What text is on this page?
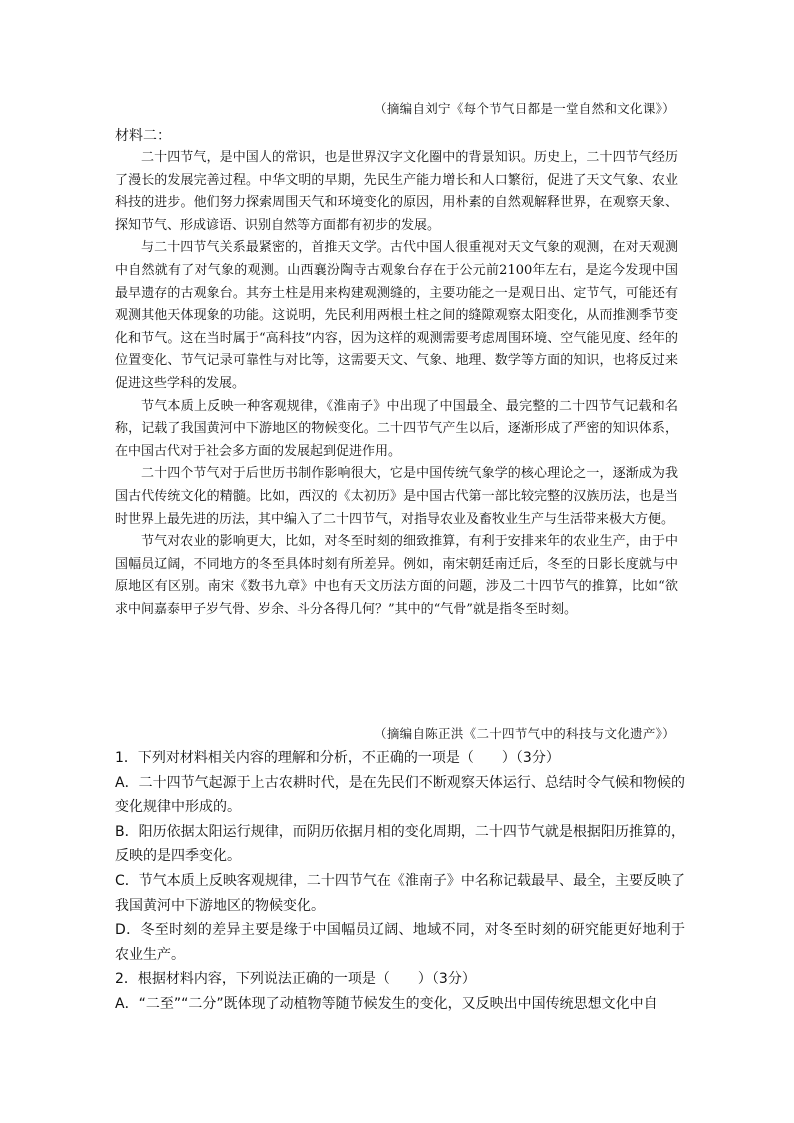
（摘编自刘宁《每个节气日都是一堂自然和文化课》）
材料二：

二十四节气，是中国人的常识，也是世界汉字文化圈中的背景知识。历史上，二十四节气经历了漫长的发展完善过程。中华文明的早期，先民生产能力增长和人口繁衍，促进了天文气象、农业科技的进步。他们努力探索周围天气和环境变化的原因，用朴素的自然观解释世界，在观察天象、探知节气、形成谚语、识别自然等方面都有初步的发展。

与二十四节气关系最紧密的，首推天文学。古代中国人很重视对天文气象的观测，在对天观测中自然就有了对气象的观测。山西襄汾陶寺古观象台存在于公元前2100年左右，是迄今发现中国最早遗存的古观象台。其夯土柱是用来构建观测缝的，主要功能之一是观日出、定节气，可能还有观测其他天体现象的功能。这说明，先民利用两根土柱之间的缝隙观察太阳变化，从而推测季节变化和节气。这在当时属于“高科技”内容，因为这样的观测需要考虑周围环境、空气能见度、经年的位置变化、节气记录可靠性与对比等，这需要天文、气象、地理、数学等方面的知识，也将反过来促进这些学科的发展。

节气本质上反映一种客观规律，《淮南子》中出现了中国最全、最完整的二十四节气记载和名称，记载了我国黄河中下游地区的物候变化。二十四节气产生以后，逐渐形成了严密的知识体系，在中国古代对于社会多方面的发展起到促进作用。

二十四个节气对于后世历书制作影响很大，它是中国传统气象学的核心理论之一，逐渐成为我国古代传统文化的精髓。比如，西汉的《太初历》是中国古代第一部比较完整的汉族历法，也是当时世界上最先进的历法，其中编入了二十四节气，对指导农业及畜牧业生产与生活带来极大方便。

节气对农业的影响更大，比如，对冬至时刻的细致推算，有利于安排来年的农业生产，由于中国幅员辽阔，不同地方的冬至具体时刻有所差异。例如，南宋朝廷南迁后，冬至的日影长度就与中原地区有区别。南宋《数书九章》中也有天文历法方面的问题，涉及二十四节气的推算，比如“欲求中间嘉泰甲子岁气骨、岁余、斗分各得几何？”其中的“气骨”就是指冬至时刻。

（摘编自陈正洪《二十四节气中的科技与文化遗产》）
1．下列对材料相关内容的理解和分析，不正确的一项是（　　）（3分）
A．二十四节气起源于上古农耕时代，是在先民们不断观察天体运行、总结时令气候和物候的变化规律中形成的。
B．阳历依据太阳运行规律，而阴历依据月相的变化周期，二十四节气就是根据阳历推算的，反映的是四季变化。
C．节气本质上反映客观规律，二十四节气在《淮南子》中名称记载最早、最全，主要反映了我国黄河中下游地区的物候变化。
D．冬至时刻的差异主要是缘于中国幅员辽阔、地域不同，对冬至时刻的研究能更好地利于农业生产。
2．根据材料内容，下列说法正确的一项是（　　）（3分）
A．“二至”“二分”既体现了动植物等随节候发生的变化，又反映出中国传统思想文化中自
